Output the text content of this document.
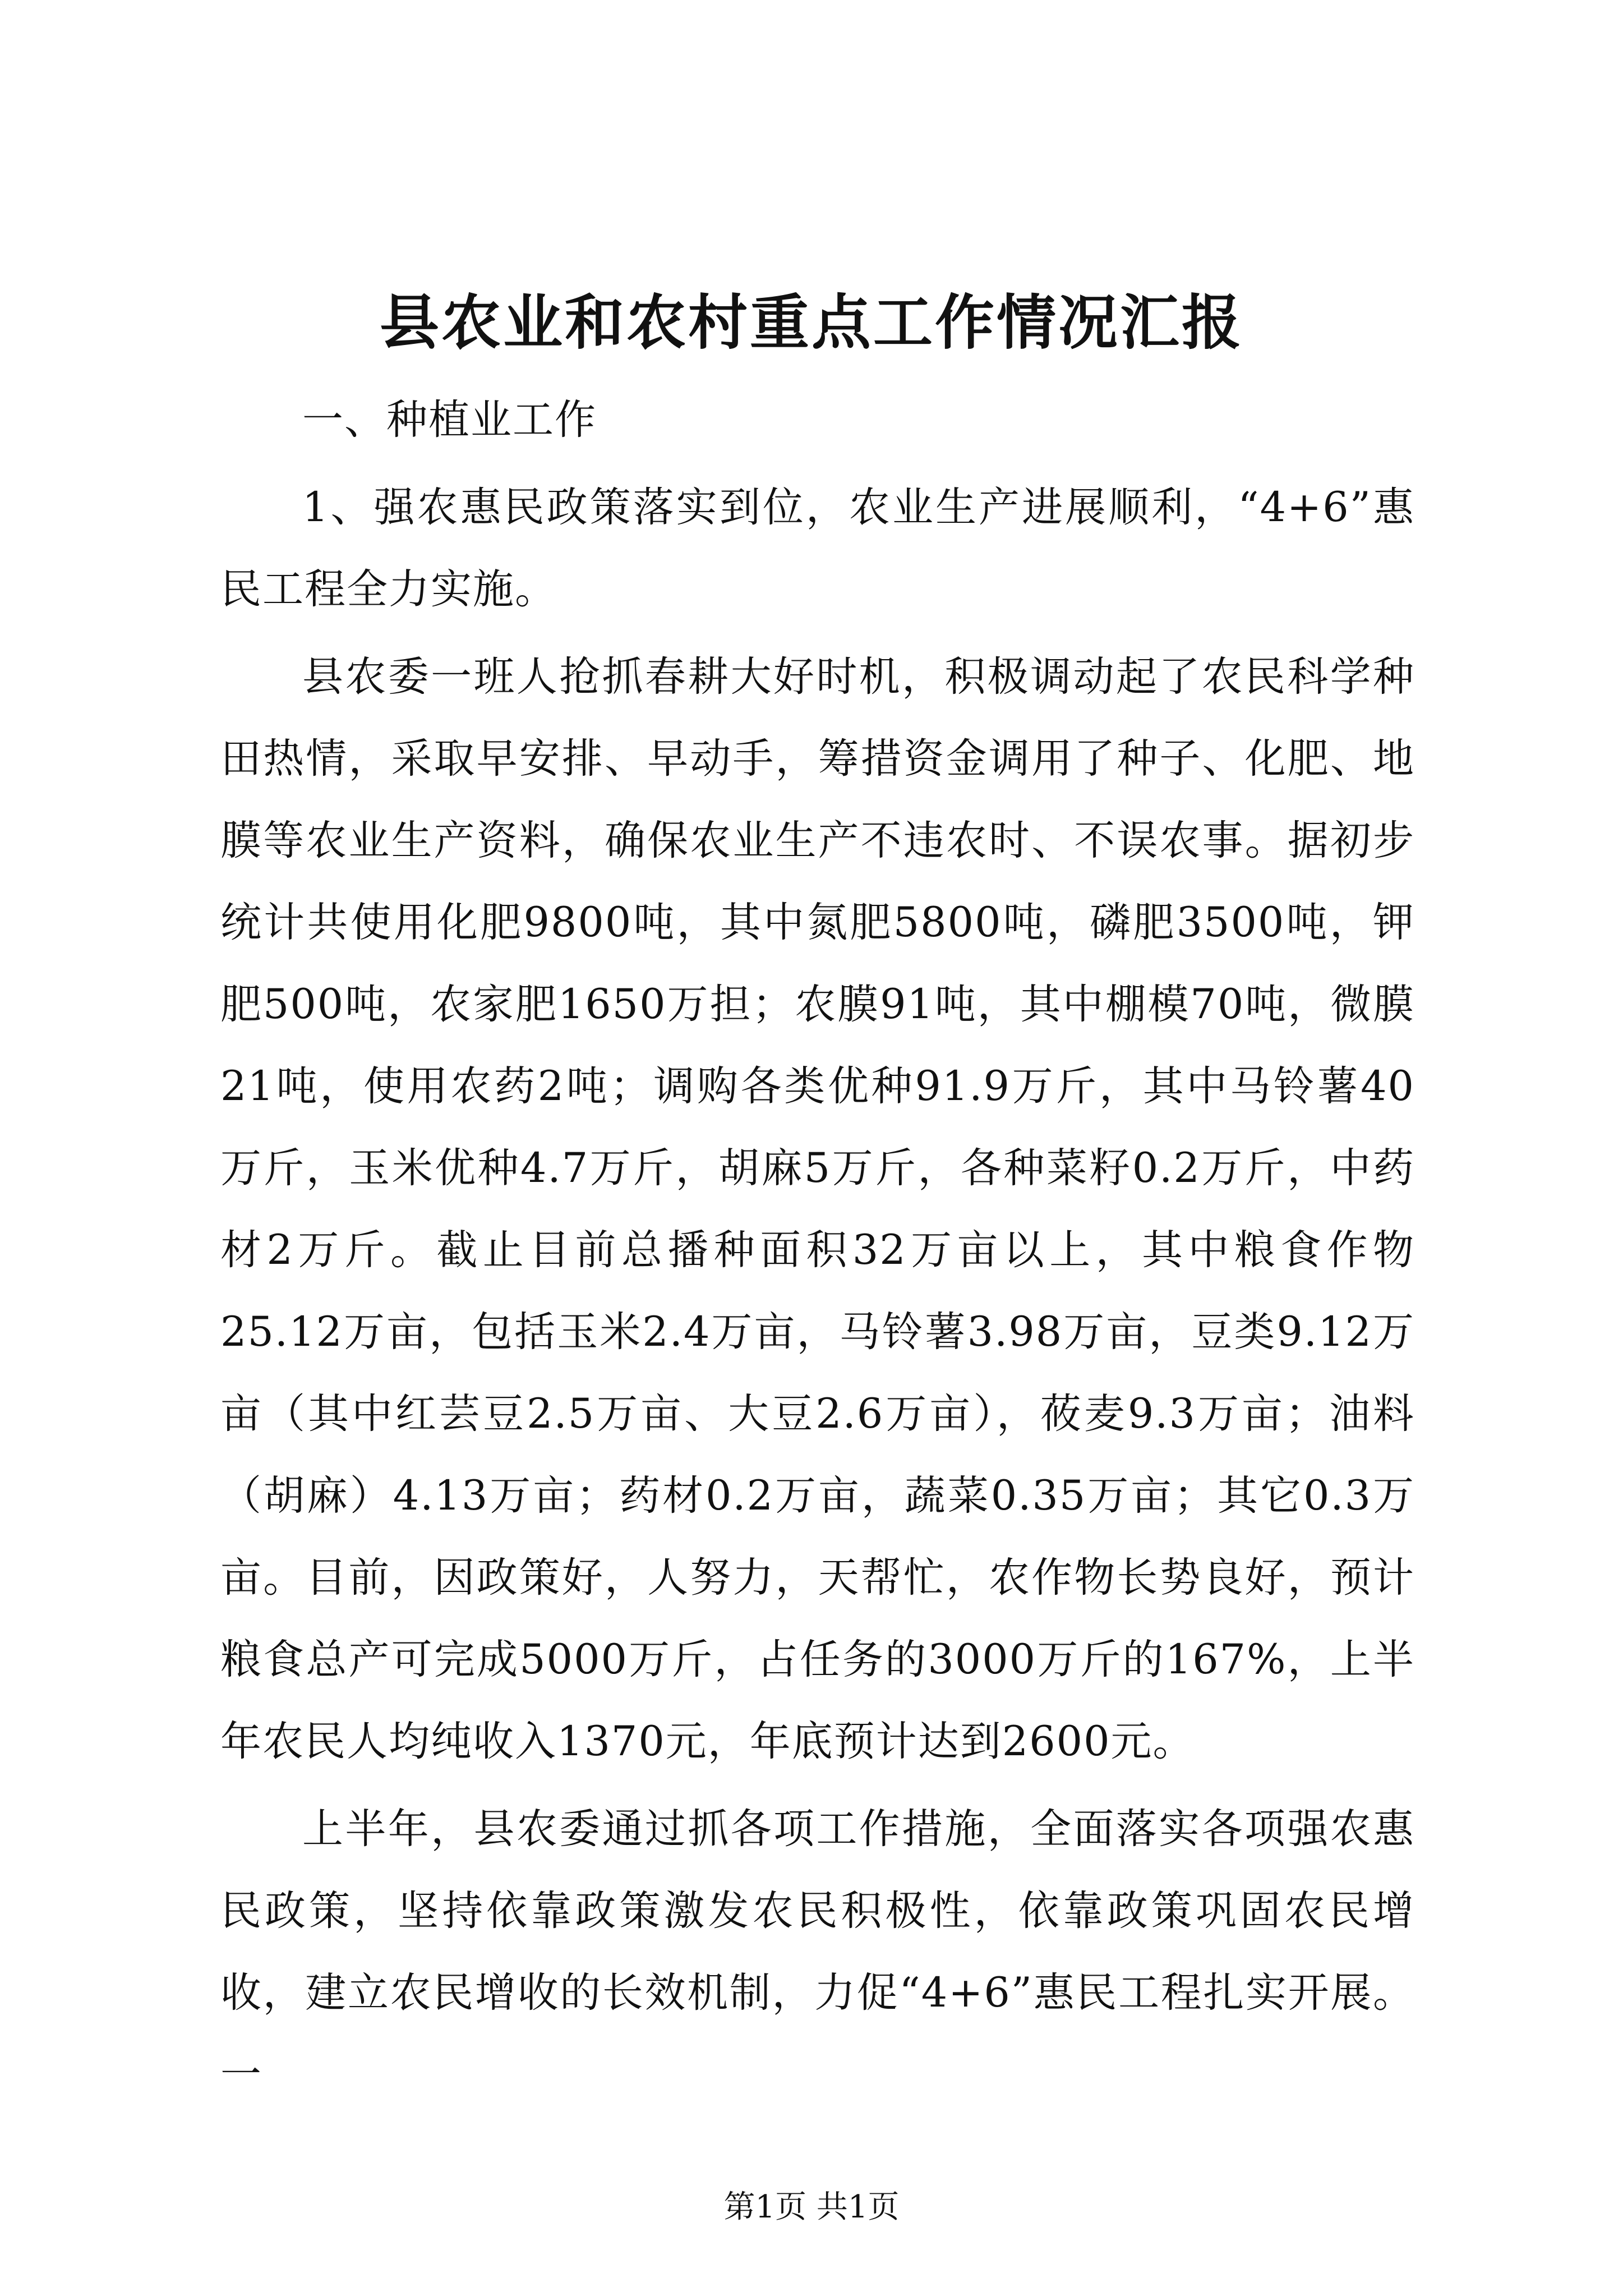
县农业和农村重点工作情况汇报

一、种植业工作

1、强农惠民政策落实到位，农业生产进展顺利，“4+6”惠民工程全力实施。

县农委一班人抢抓春耕大好时机，积极调动起了农民科学种田热情，采取早安排、早动手，筹措资金调用了种子、化肥、地膜等农业生产资料，确保农业生产不违农时、不误农事。据初步统计共使用化肥9800吨，其中氮肥5800吨，磷肥3500吨，钾肥500吨，农家肥1650万担；农膜91吨，其中棚模70吨，微膜21吨，使用农药2吨；调购各类优种91.9万斤，其中马铃薯40万斤，玉米优种4.7万斤，胡麻5万斤，各种菜籽0.2万斤，中药材2万斤。截止目前总播种面积32万亩以上，其中粮食作物25.12万亩，包括玉米2.4万亩，马铃薯3.98万亩，豆类9.12万亩（其中红芸豆2.5万亩、大豆2.6万亩），莜麦9.3万亩；油料（胡麻）4.13万亩；药材0.2万亩，蔬菜0.35万亩；其它0.3万亩。目前，因政策好，人努力，天帮忙，农作物长势良好，预计粮食总产可完成5000万斤，占任务的3000万斤的167%，上半年农民人均纯收入1370元，年底预计达到2600元。

上半年，县农委通过抓各项工作措施，全面落实各项强农惠民政策，坚持依靠政策激发农民积极性，依靠政策巩固农民增收，建立农民增收的长效机制，力促“4+6”惠民工程扎实开展。一

第1页 共1页
